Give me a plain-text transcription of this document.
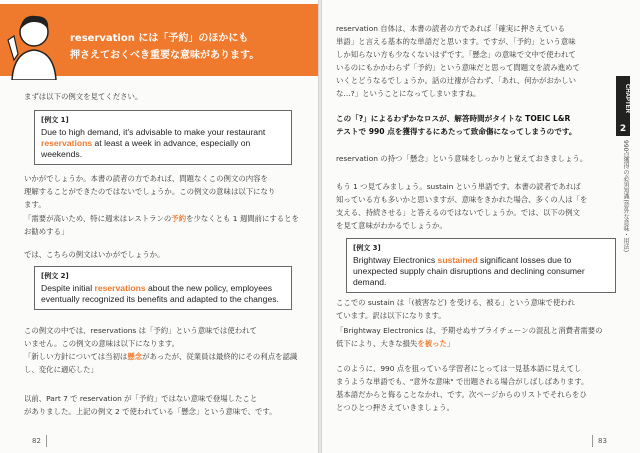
reservation には「予約」のほかにも
押さえておくべき重要な意味があります。
まずは以下の例文を見てください。
[例文 1]
Due to high demand, it's advisable to make your restaurant reservations at least a week in advance, especially on weekends.
いかがでしょうか。本書の読者の方であれば、問題なくこの例文の内容を
理解することができたのではないでしょうか。この例文の意味は以下になり
ます。
「需要が高いため、特に週末はレストランの予約を少なくとも 1 週間前にするとをお勧めする」
では、こちらの例文はいかがでしょうか。
[例文 2]
Despite initial reservations about the new policy, employees eventually recognized its benefits and adapted to the changes.
この例文の中では、reservations は「予約」という意味では使われて
いません。この例文の意味は以下になります。
「新しい方針については当初は懸念があったが、従業員は最終的にその利点を認識し、変化に適応した」
以前、Part 7 で reservation が「予約」ではない意味で登場したこと
がありました。上記の例文 2 で使われている「懸念」という意味で、です。
82
reservation 自体は、本書の読者の方であれば「確実に押さえている
単語」と言える基本的な単語だと思います。ですが、「予約」という意味
しか知らない方も少なくないはずです。「懸念」の意味で文中で使われて
いるのにもかかわらず「予約」という意味だと思って問題文を読み進めて
いくとどうなるでしょうか。話の辻褄が合わず、「あれ、何かがおかしい
な…?」ということになってしまいますね。
この「?」によるわずかなロスが、解答時間がタイトな TOEIC L&R
テストで 990 点を獲得するにあたって致命傷になってしまうのです。
reservation の持つ「懸念」という意味をしっかりと覚えておきましょう。
もう 1 つ見てみましょう。sustain という単語です。本書の読者であれば
知っている方も多いかと思いますが、意味をきかれた場合、多くの人は「を
支える、持続させる」と答えるのではないでしょうか。では、以下の例文
を見て意味がわかるでしょうか。
[例文 3]
Brightway Electronics sustained significant losses due to unexpected supply chain disruptions and declining consumer demand.
ここでの sustain は「(被害など) を受ける、被る」という意味で使われ
ています。訳は以下になります。
「Brightway Electronics は、予期せぬサプライチェーンの混乱と消費者需要の低下により、大きな損失を被った」
このように、990 点を狙っている学習者にとっては一見基本語に見えてし
まうような単語でも、"意外な意味" で出題される場合がしばしばあります。
基本語だからと侮ることなかれ、です。次ページからのリストでそれらをひ
とつひとつ押さえていきましょう。
83
CHAPTER
2
990点獲得の必須知識(意外な意味・用法)
